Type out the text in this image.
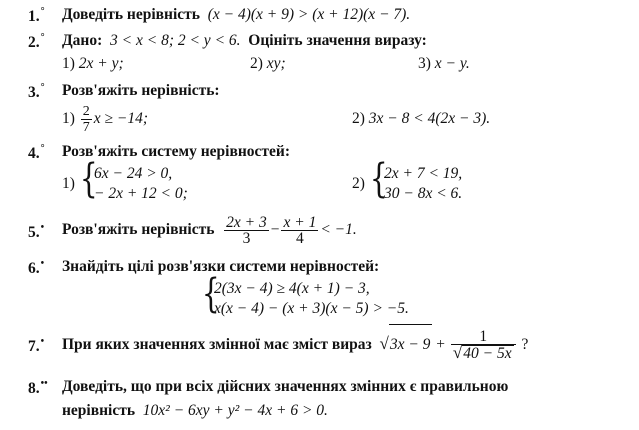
1.° Доведіть нерівність (x − 4)(x + 9) > (x + 12)(x − 7).
2.° Дано: 3 < x < 8; 2 < y < 6. Оцініть значення виразу:
1) 2x + y;	2) xy;	3) x − y.
3.° Розв'яжіть нерівність:
$1) \frac{2}{7}$ x ≥ −14;	2) 3x − 8 < 4(2x − 3).
4.° Розв'яжіть систему нерівностей:
1) {
6x − 24 > 0,
− 2x + 12 < 0;
2) {
2x + 7 < 19,
30 − 8x < 6.
5.• Розв'яжіть нерівність $\frac{2x + 3}{3} - \frac{x + 1}{4} < -1$.
6.• Знайдіть цілі розв'язки системи нерівностей:
{
2(3x − 4) ≥ 4(x + 1) − 3,
x(x − 4) − (x + 3)(x − 5) > −5.
7.• При яких значеннях змінної має зміст вираз $√3x - 9 + \frac{1}{√40 - 5x}$ ?
8.•• Доведіть, що при всіх дійсних значеннях змінних є правильною
нерівність 10x² − 6xy + y² − 4x + 6 > 0.
